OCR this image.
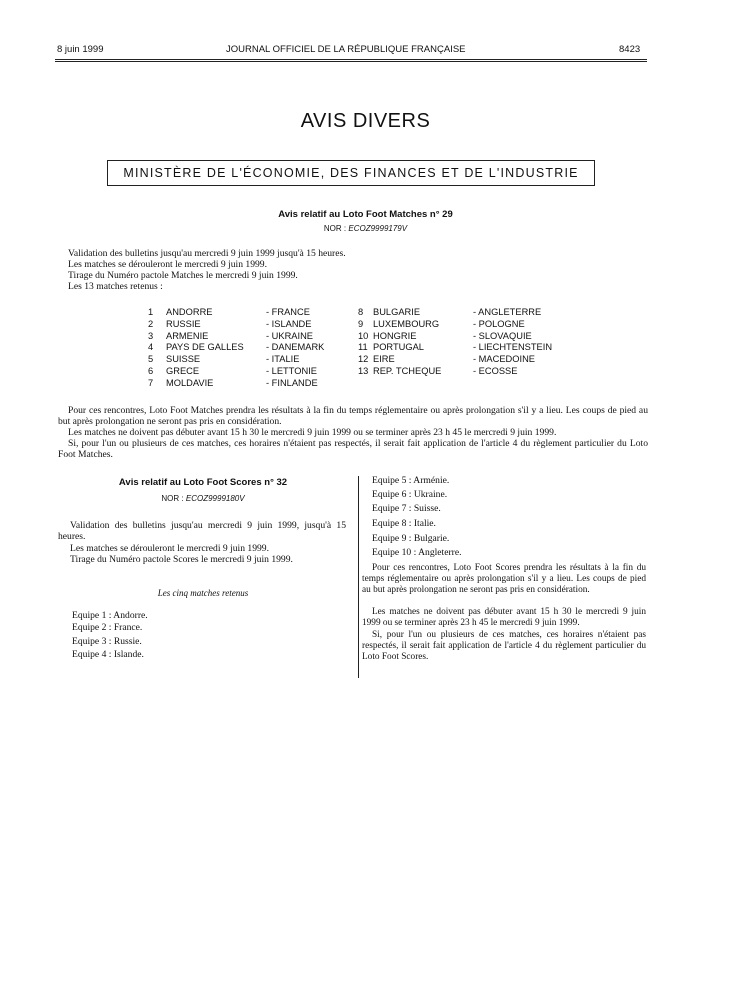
8 juin 1999	JOURNAL OFFICIEL DE LA RÉPUBLIQUE FRANÇAISE	8423
AVIS DIVERS
MINISTÈRE DE L'ÉCONOMIE, DES FINANCES ET DE L'INDUSTRIE
Avis relatif au Loto Foot Matches n° 29
NOR : ECOZ9999179V
Validation des bulletins jusqu'au mercredi 9 juin 1999 jusqu'à 15 heures.
Les matches se dérouleront le mercredi 9 juin 1999.
Tirage du Numéro pactole Matches le mercredi 9 juin 1999.
Les 13 matches retenus :
1	ANDORRE	- FRANCE	8	BULGARIE	- ANGLETERRE
2	RUSSIE	- ISLANDE	9	LUXEMBOURG	- POLOGNE
3	ARMENIE	- UKRAINE	10	HONGRIE	- SLOVAQUIE
4	PAYS DE GALLES	- DANEMARK	11	PORTUGAL	- LIECHTENSTEIN
5	SUISSE	- ITALIE	12	EIRE	- MACEDOINE
6	GRECE	- LETTONIE	13	REP. TCHEQUE	- ECOSSE
7	MOLDAVIE	- FINLANDE			
Pour ces rencontres, Loto Foot Matches prendra les résultats à la fin du temps réglementaire ou après prolongation s'il y a lieu. Les coups de pied au but après prolongation ne seront pas pris en considération.
Les matches ne doivent pas débuter avant 15 h 30 le mercredi 9 juin 1999 ou se terminer après 23 h 45 le mercredi 9 juin 1999.
Si, pour l'un ou plusieurs de ces matches, ces horaires n'étaient pas respectés, il serait fait application de l'article 4 du règlement particulier du Loto Foot Matches.
Avis relatif au Loto Foot Scores n° 32
NOR : ECOZ9999180V
Validation des bulletins jusqu'au mercredi 9 juin 1999, jusqu'à 15 heures.
Les matches se dérouleront le mercredi 9 juin 1999.
Tirage du Numéro pactole Scores le mercredi 9 juin 1999.
Les cinq matches retenus
Equipe 1 : Andorre.
Equipe 2 : France.
Equipe 3 : Russie.
Equipe 4 : Islande.
Equipe 5 : Arménie.
Equipe 6 : Ukraine.
Equipe 7 : Suisse.
Equipe 8 : Italie.
Equipe 9 : Bulgarie.
Equipe 10 : Angleterre.
Pour ces rencontres, Loto Foot Scores prendra les résultats à la fin du temps réglementaire ou après prolongation s'il y a lieu. Les coups de pied au but après prolongation ne seront pas pris en considération.
Les matches ne doivent pas débuter avant 15 h 30 le mercredi 9 juin 1999 ou se terminer après 23 h 45 le mercredi 9 juin 1999.
Si, pour l'un ou plusieurs de ces matches, ces horaires n'étaient pas respectés, il serait fait application de l'article 4 du règlement particulier du Loto Foot Scores.
